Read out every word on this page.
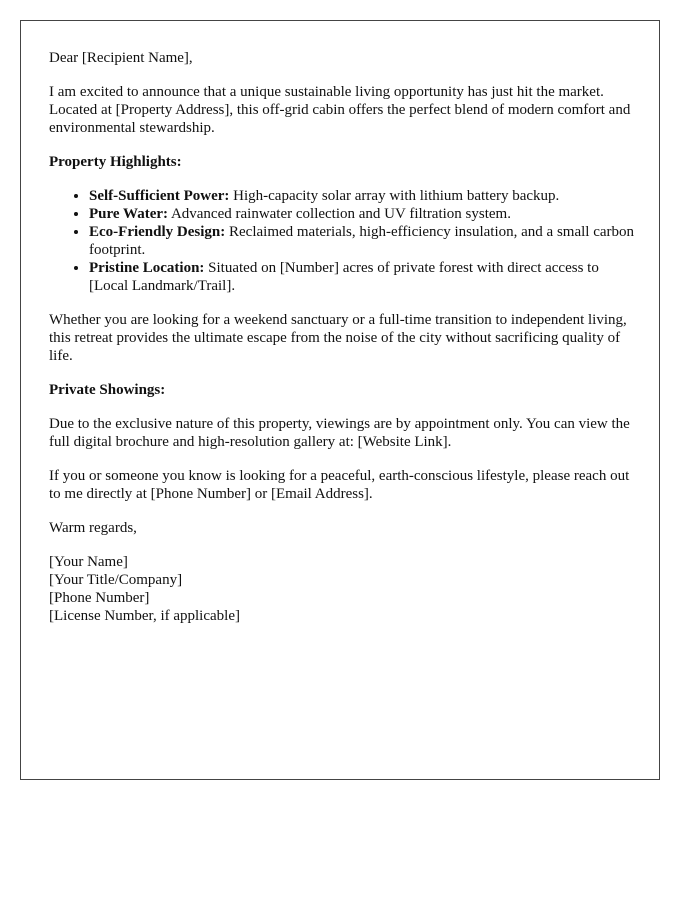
Dear [Recipient Name],

I am excited to announce that a unique sustainable living opportunity has just hit the market. Located at [Property Address], this off-grid cabin offers the perfect blend of modern comfort and environmental stewardship.

Property Highlights:

• Self-Sufficient Power: High-capacity solar array with lithium battery backup.
• Pure Water: Advanced rainwater collection and UV filtration system.
• Eco-Friendly Design: Reclaimed materials, high-efficiency insulation, and a small carbon footprint.
• Pristine Location: Situated on [Number] acres of private forest with direct access to [Local Landmark/Trail].

Whether you are looking for a weekend sanctuary or a full-time transition to independent living, this retreat provides the ultimate escape from the noise of the city without sacrificing quality of life.

Private Showings:

Due to the exclusive nature of this property, viewings are by appointment only. You can view the full digital brochure and high-resolution gallery at: [Website Link].

If you or someone you know is looking for a peaceful, earth-conscious lifestyle, please reach out to me directly at [Phone Number] or [Email Address].

Warm regards,

[Your Name]
[Your Title/Company]
[Phone Number]
[License Number, if applicable]
